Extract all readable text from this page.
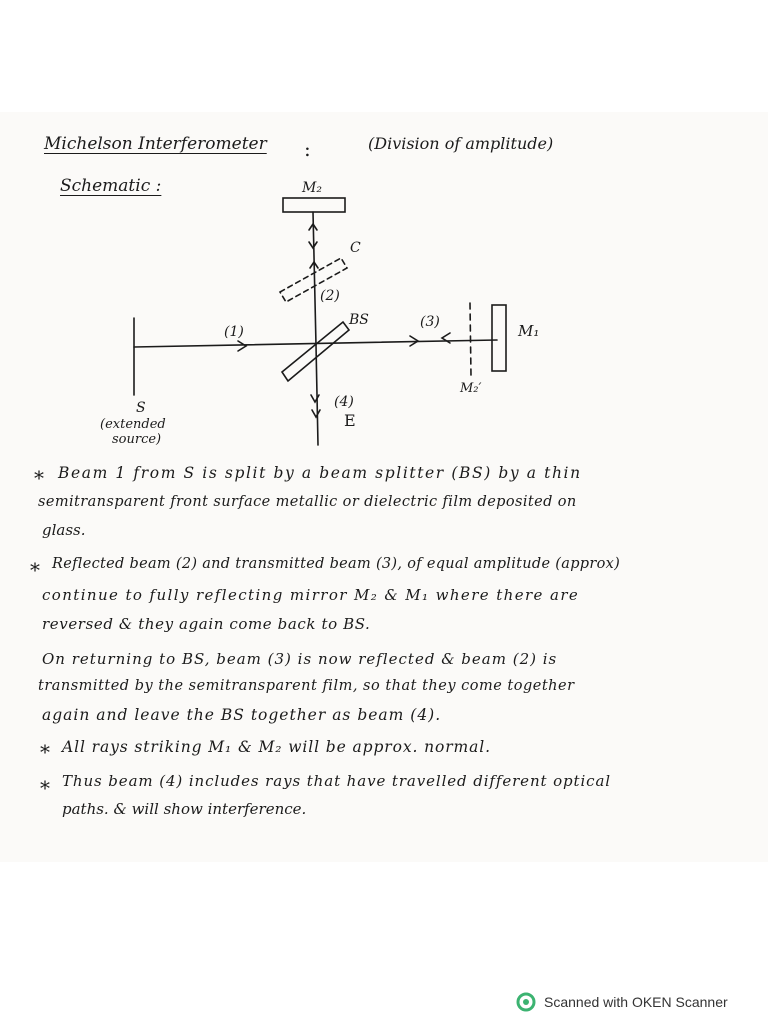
Michelson Interferometer :	(Division of amplitude)
Schematic :	M₂
C
(2)
BS	(3)	M₁
(1)
M₂′
S
(extended
source)
(4)
E
* Beam 1 from S is split by a beam splitter (BS) by a thin
semitransparent front surface metallic or dielectric film deposited on
glass.
* Reflected beam (2) and transmitted beam (3), of equal amplitude (approx)
continue to fully reflecting mirror M₂ & M₁ where there are
reversed & they again come back to BS.
On returning to BS, beam (3) is now reflected & beam (2) is
transmitted by the semitransparent film, so that they come together
again and leave the BS together as beam (4).
* All rays striking M₁ & M₂ will be approx. normal.
* Thus beam (4) includes rays that have travelled different optical
paths. & will show interference.
Scanned with OKEN Scanner
